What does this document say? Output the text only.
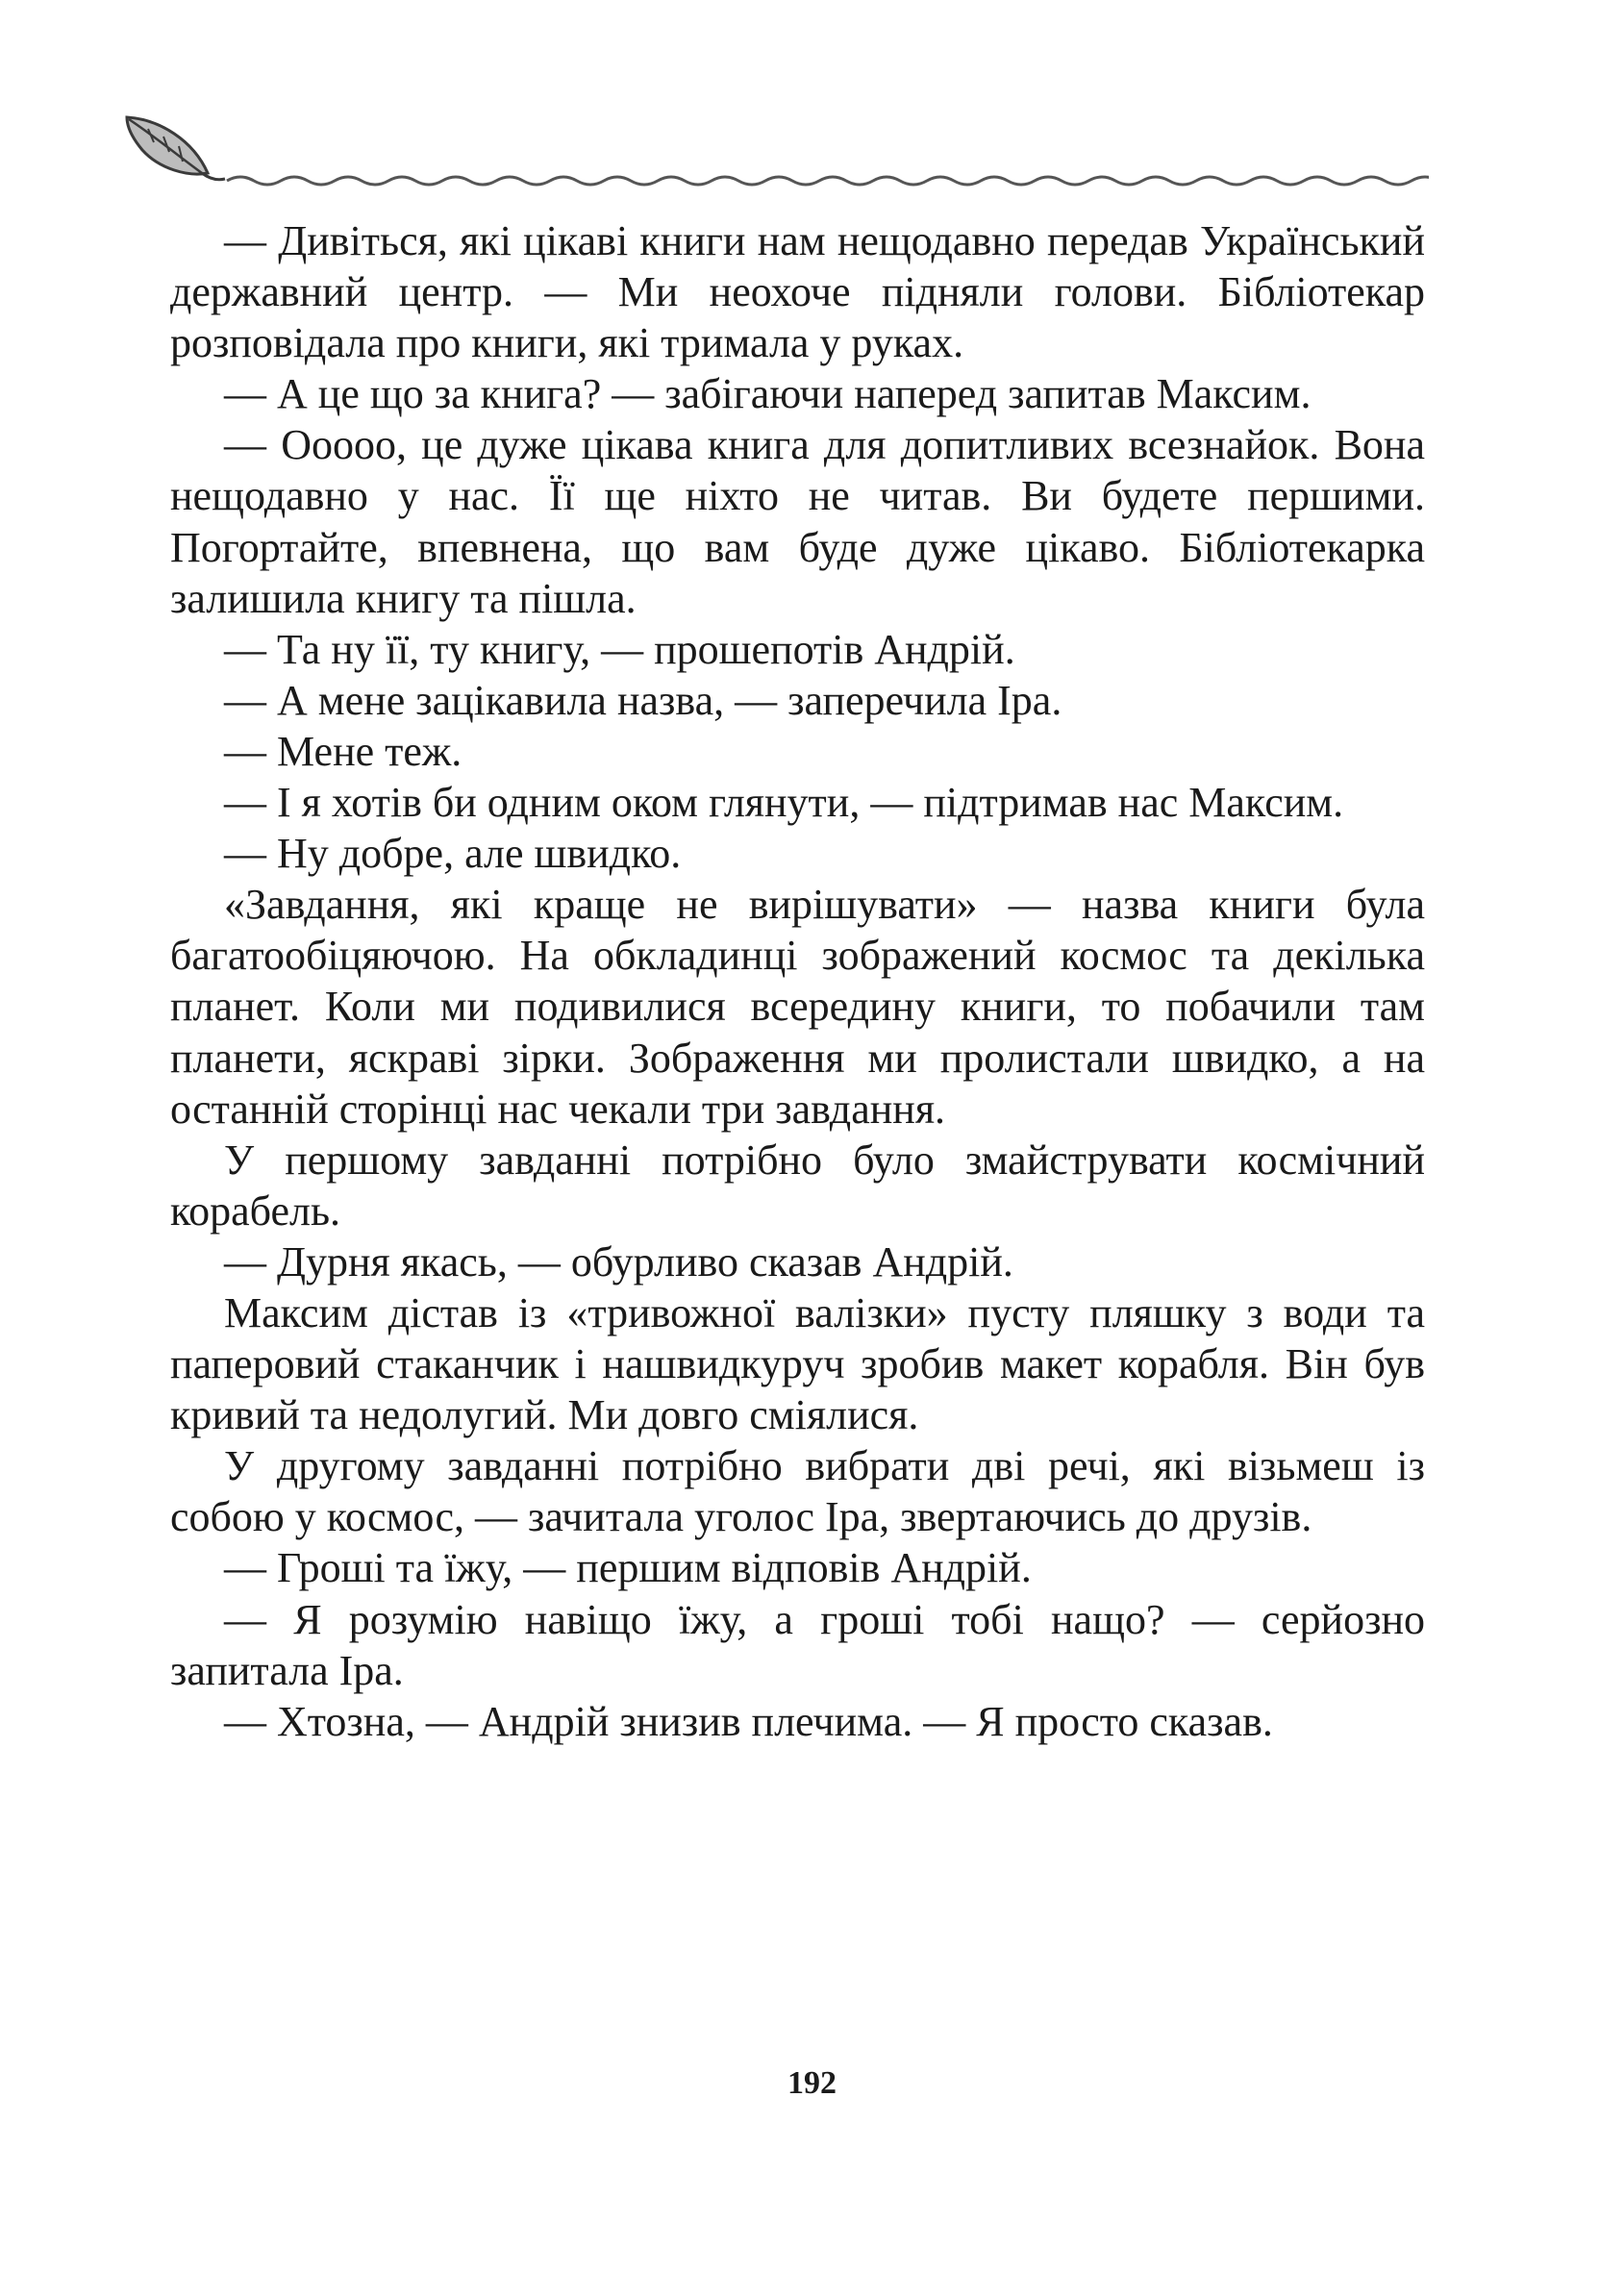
— Дивіться, які цікаві книги нам нещодавно передав Український державний центр. — Ми неохоче підняли голови. Бібліотекар розповідала про книги, які тримала у руках.

— А це що за книга? — забігаючи наперед запитав Максим.

— Ооооо, це дуже цікава книга для допитливих всезнайок. Вона нещодавно у нас. Її ще ніхто не читав. Ви будете першими. Погортайте, впевнена, що вам буде дуже цікаво. Бібліотекарка залишила книгу та пішла.

— Та ну її, ту книгу, — прошепотів Андрій.

— А мене зацікавила назва, — заперечила Іра.

— Мене теж.

— І я хотів би одним оком глянути, — підтримав нас Максим.

— Ну добре, але швидко.

«Завдання, які краще не вирішувати» — назва книги була багатообіцяючою. На обкладинці зображений космос та декілька планет. Коли ми подивилися всередину книги, то побачили там планети, яскраві зірки. Зображення ми пролистали швидко, а на останній сторінці нас чекали три завдання.

У першому завданні потрібно було змайструвати космічний корабель.

— Дурня якась, — обурливо сказав Андрій.

Максим дістав із «тривожної валізки» пусту пляшку з води та паперовий стаканчик і нашвидкуруч зробив макет корабля. Він був кривий та недолугий. Ми довго сміялися.

У другому завданні потрібно вибрати дві речі, які візьмеш із собою у космос, — зачитала уголос Іра, звертаючись до друзів.

— Гроші та їжу, — першим відповів Андрій.

— Я розумію навіщо їжу, а гроші тобі нащо? — серйозно запитала Іра.

— Хтозна, — Андрій знизив плечима. — Я просто сказав.

192
